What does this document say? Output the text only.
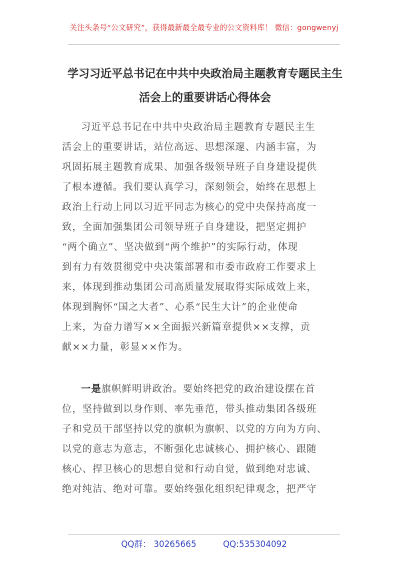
关注头条号“公文研究”，获得最新最全最专业的公文资料库！ 微信：gongwenyj
学习习近平总书记在中共中央政治局主题教育专题民主生
活会上的重要讲话心得体会
习近平总书记在中共中央政治局主题教育专题民主生
活会上的重要讲话，站位高远、思想深邃、内涵丰富，为
巩固拓展主题教育成果、加强各级领导班子自身建设提供
了根本遵循。我们要认真学习，深刻领会，始终在思想上
政治上行动上同以习近平同志为核心的党中央保持高度一
致，全面加强集团公司领导班子自身建设，把坚定拥护
“两个确立”、坚决做到“两个维护”的实际行动，体现
到有力有效贯彻党中央决策部署和市委市政府工作要求上
来，体现到推动集团公司高质量发展取得实际成效上来，
体现到胸怀“国之大者”、心系“民生大计”的企业使命
上来，为奋力谱写××全面振兴新篇章提供××支撑，贡
献××力量，彰显××作为。
一是旗帜鲜明讲政治。要始终把党的政治建设摆在首
位，坚持做到以身作则、率先垂范，带头推动集团各级班
子和党员干部坚持以党的旗帜为旗帜、以党的方向为方向、
以党的意志为意志，不断强化忠诚核心、拥护核心、跟随
核心、捍卫核心的思想自觉和行动自觉，做到绝对忠诚、
绝对纯洁、绝对可靠。要始终强化组织纪律观念，把严守
QQ群： 30265665	QQ:535304092
